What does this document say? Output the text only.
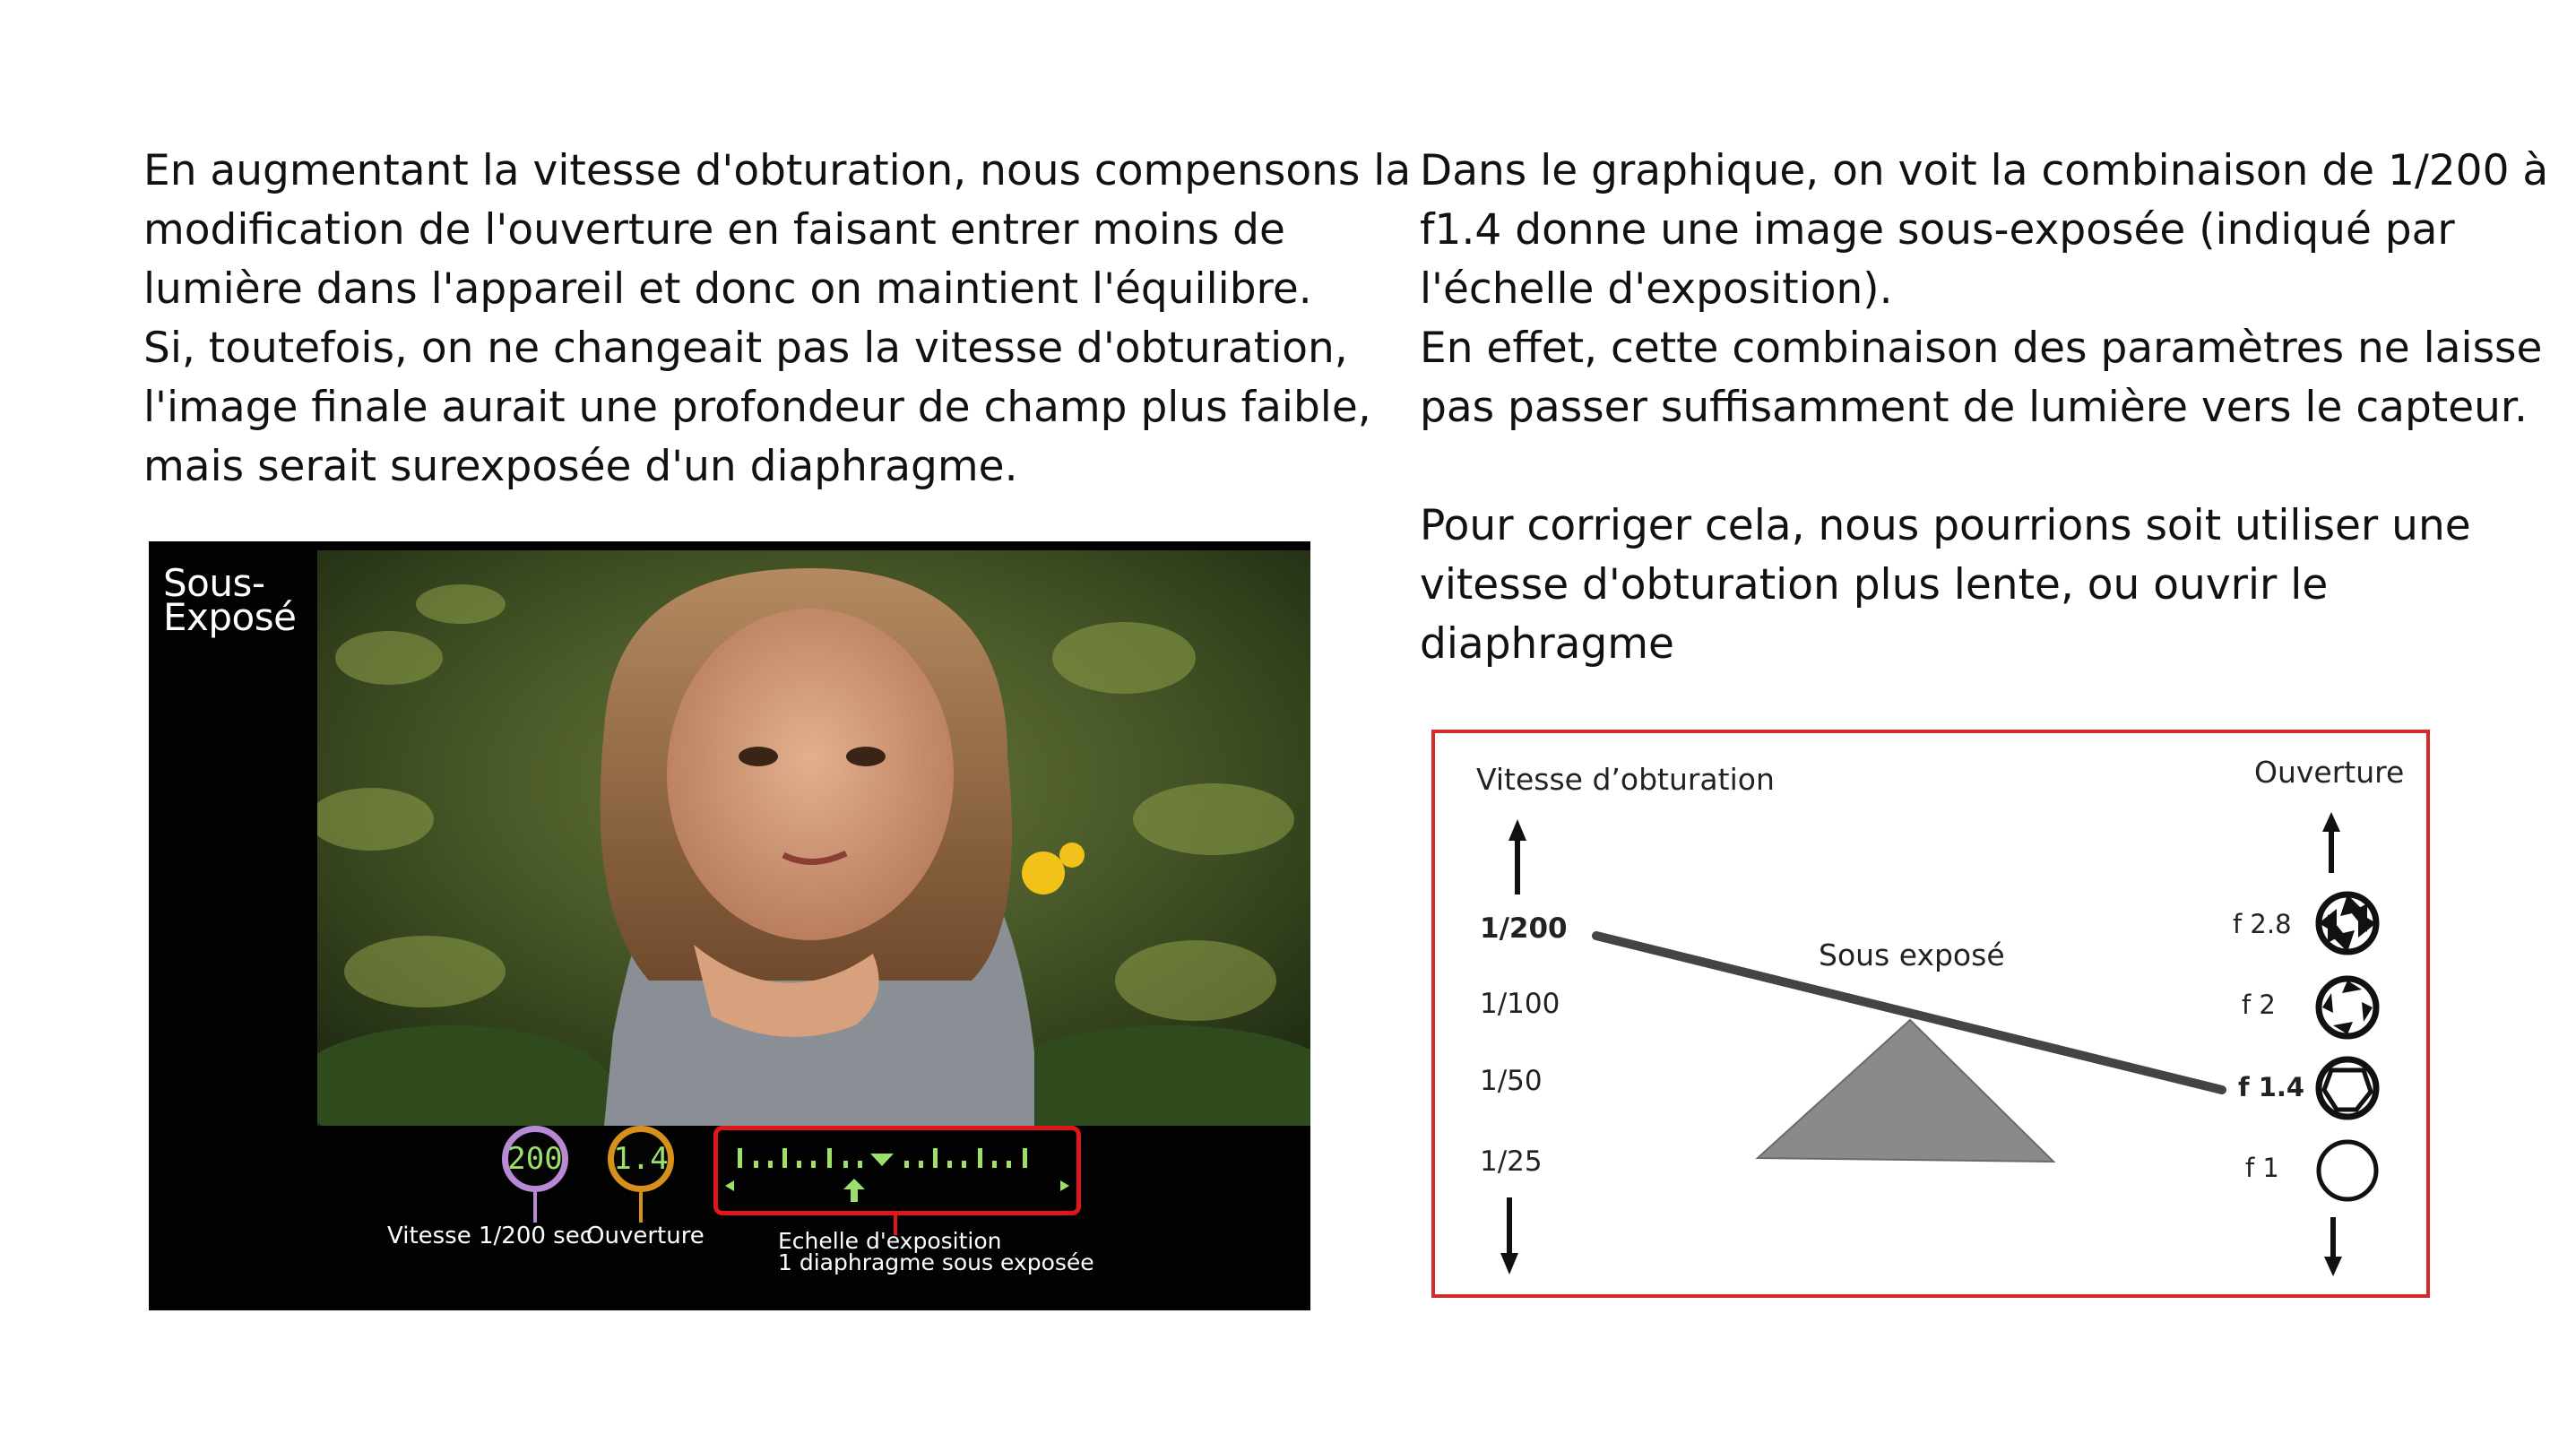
En augmentant la vitesse d'obturation, nous compensons la
modification de l'ouverture en faisant entrer moins de
lumière dans l'appareil et donc on maintient l'équilibre.
Si, toutefois, on ne changeait pas la vitesse d'obturation,
l'image finale aurait une profondeur de champ plus faible,
mais serait surexposée d'un diaphragme.

Dans le graphique, on voit la combinaison de 1/200 à
f1.4 donne une image sous-exposée (indiqué par
l'échelle d'exposition).
En effet, cette combinaison des paramètres ne laisse
pas passer suffisamment de lumière vers le capteur.

Pour corriger cela, nous pourrions soit utiliser une
vitesse d'obturation plus lente, ou ouvrir le
diaphragme

Sous-
Exposé
200 1.4
Vitesse 1/200 sec
Ouverture	Echelle d'exposition
1 diaphragme sous exposée
Vitesse d’obturation	Ouverture
Sous exposé
1/200
1/100
1/50
1/25
f 2.8
f 2
f 1.4
f 1
